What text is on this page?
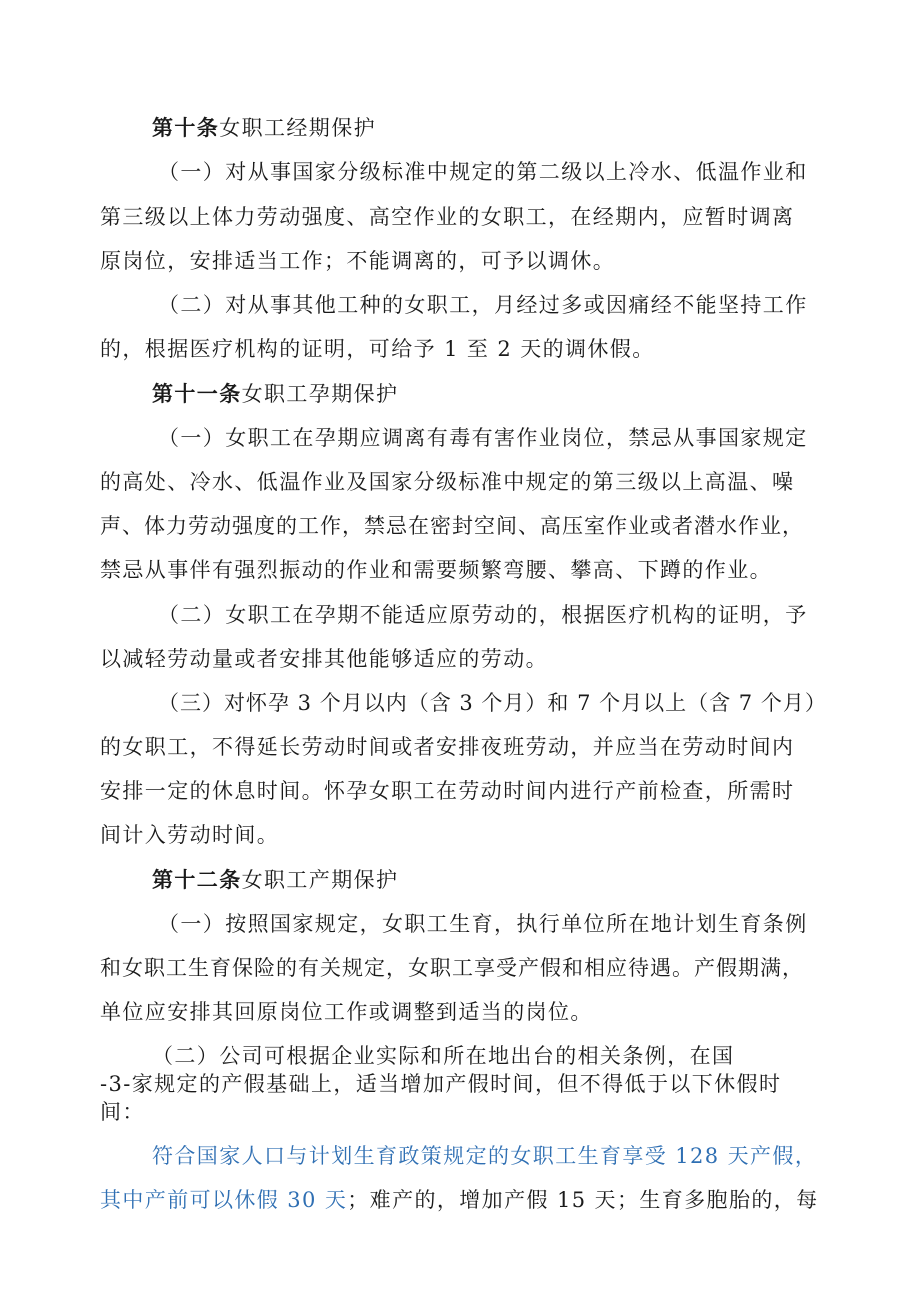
第十条女职工经期保护
（一）对从事国家分级标准中规定的第二级以上冷水、低温作业和
第三级以上体力劳动强度、高空作业的女职工，在经期内，应暂时调离
原岗位，安排适当工作；不能调离的，可予以调休。
（二）对从事其他工种的女职工，月经过多或因痛经不能坚持工作
的，根据医疗机构的证明，可给予 1 至 2 天的调休假。
第十一条女职工孕期保护
（一）女职工在孕期应调离有毒有害作业岗位，禁忌从事国家规定
的高处、冷水、低温作业及国家分级标准中规定的第三级以上高温、噪
声、体力劳动强度的工作，禁忌在密封空间、高压室作业或者潜水作业，
禁忌从事伴有强烈振动的作业和需要频繁弯腰、攀高、下蹲的作业。
（二）女职工在孕期不能适应原劳动的，根据医疗机构的证明，予
以减轻劳动量或者安排其他能够适应的劳动。
（三）对怀孕 3 个月以内（含 3 个月）和 7 个月以上（含 7 个月）
的女职工，不得延长劳动时间或者安排夜班劳动，并应当在劳动时间内
安排一定的休息时间。怀孕女职工在劳动时间内进行产前检查，所需时
间计入劳动时间。
第十二条女职工产期保护
（一）按照国家规定，女职工生育，执行单位所在地计划生育条例
和女职工生育保险的有关规定，女职工享受产假和相应待遇。产假期满，
单位应安排其回原岗位工作或调整到适当的岗位。
（二）公司可根据企业实际和所在地出台的相关条例，在国
-3-家规定的产假基础上，适当增加产假时间，但不得低于以下休假时
间：
符合国家人口与计划生育政策规定的女职工生育享受 128 天产假，
其中产前可以休假 30 天；难产的，增加产假 15 天；生育多胞胎的，每
